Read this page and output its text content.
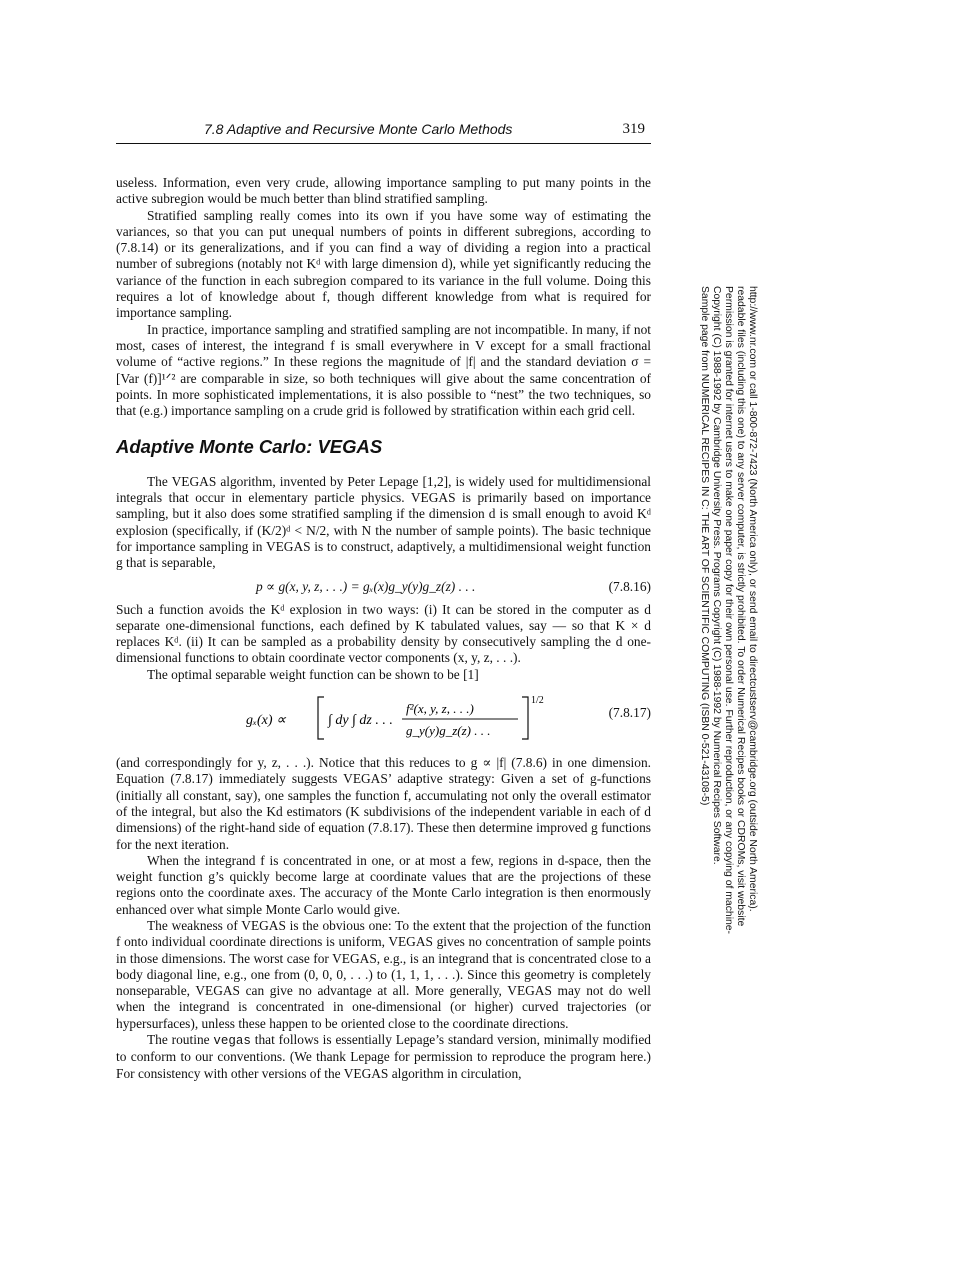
7.8 Adaptive and Recursive Monte Carlo Methods	319

useless. Information, even very crude, allowing importance sampling to put many points in the active subregion would be much better than blind stratified sampling.

Stratified sampling really comes into its own if you have some way of estimating the variances, so that you can put unequal numbers of points in different subregions, according to (7.8.14) or its generalizations, and if you can find a way of dividing a region into a practical number of subregions (notably not Kᵈ with large dimension d), while yet significantly reducing the variance of the function in each subregion compared to its variance in the full volume. Doing this requires a lot of knowledge about f, though different knowledge from what is required for importance sampling.

In practice, importance sampling and stratified sampling are not incompatible. In many, if not most, cases of interest, the integrand f is small everywhere in V except for a small fractional volume of “active regions.” In these regions the magnitude of |f| and the standard deviation σ = [Var (f)]¹ᐟ² are comparable in size, so both techniques will give about the same concentration of points. In more sophisticated implementations, it is also possible to “nest” the two techniques, so that (e.g.) importance sampling on a crude grid is followed by stratification within each grid cell.

Adaptive Monte Carlo: VEGAS

The VEGAS algorithm, invented by Peter Lepage [1,2], is widely used for multidimensional integrals that occur in elementary particle physics. VEGAS is primarily based on importance sampling, but it also does some stratified sampling if the dimension d is small enough to avoid Kᵈ explosion (specifically, if (K/2)ᵈ < N/2, with N the number of sample points). The basic technique for importance sampling in VEGAS is to construct, adaptively, a multidimensional weight function g that is separable,

p ∝ g(x, y, z, . . .) = gₓ(x)g_y(y)g_z(z) . . .	(7.8.16)

Such a function avoids the Kᵈ explosion in two ways: (i) It can be stored in the computer as d separate one-dimensional functions, each defined by K tabulated values, say — so that K × d replaces Kᵈ. (ii) It can be sampled as a probability density by consecutively sampling the d one-dimensional functions to obtain coordinate vector components (x, y, z, . . .).

The optimal separable weight function can be shown to be [1]

gₓ(x) ∝	∫ dy ∫ dz . . .
f²(x, y, z, . . .)
g_y(y)g_z(z) . . .
1/2
(7.8.17)

(and correspondingly for y, z, . . .). Notice that this reduces to g ∝ |f| (7.8.6) in one dimension. Equation (7.8.17) immediately suggests VEGAS’ adaptive strategy: Given a set of g-functions (initially all constant, say), one samples the function f, accumulating not only the overall estimator of the integral, but also the Kd estimators (K subdivisions of the independent variable in each of d dimensions) of the right-hand side of equation (7.8.17). These then determine improved g functions for the next iteration.

When the integrand f is concentrated in one, or at most a few, regions in d-space, then the weight function g’s quickly become large at coordinate values that are the projections of these regions onto the coordinate axes. The accuracy of the Monte Carlo integration is then enormously enhanced over what simple Monte Carlo would give.

The weakness of VEGAS is the obvious one: To the extent that the projection of the function f onto individual coordinate directions is uniform, VEGAS gives no concentration of sample points in those dimensions. The worst case for VEGAS, e.g., is an integrand that is concentrated close to a body diagonal line, e.g., one from (0, 0, 0, . . .) to (1, 1, 1, . . .). Since this geometry is completely nonseparable, VEGAS can give no advantage at all. More generally, VEGAS may not do well when the integrand is concentrated in one-dimensional (or higher) curved trajectories (or hypersurfaces), unless these happen to be oriented close to the coordinate directions.

The routine vegas that follows is essentially Lepage’s standard version, minimally modified to conform to our conventions. (We thank Lepage for permission to reproduce the program here.) For consistency with other versions of the VEGAS algorithm in circulation,

Sample page from NUMERICAL RECIPES IN C: THE ART OF SCIENTIFIC COMPUTING (ISBN 0-521-43108-5) Copyright (C) 1988-1992 by Cambridge University Press. Programs Copyright (C) 1988-1992 by Numerical Recipes Software. Permission is granted for internet users to make one paper copy for their own personal use. Further reproduction, or any copying of machine- readable files (including this one) to any server computer, is strictly prohibited. To order Numerical Recipes books or CDROMs, visit website http://www.nr.com or call 1-800-872-7423 (North America only), or send email to directcustserv@cambridge.org (outside North America).
